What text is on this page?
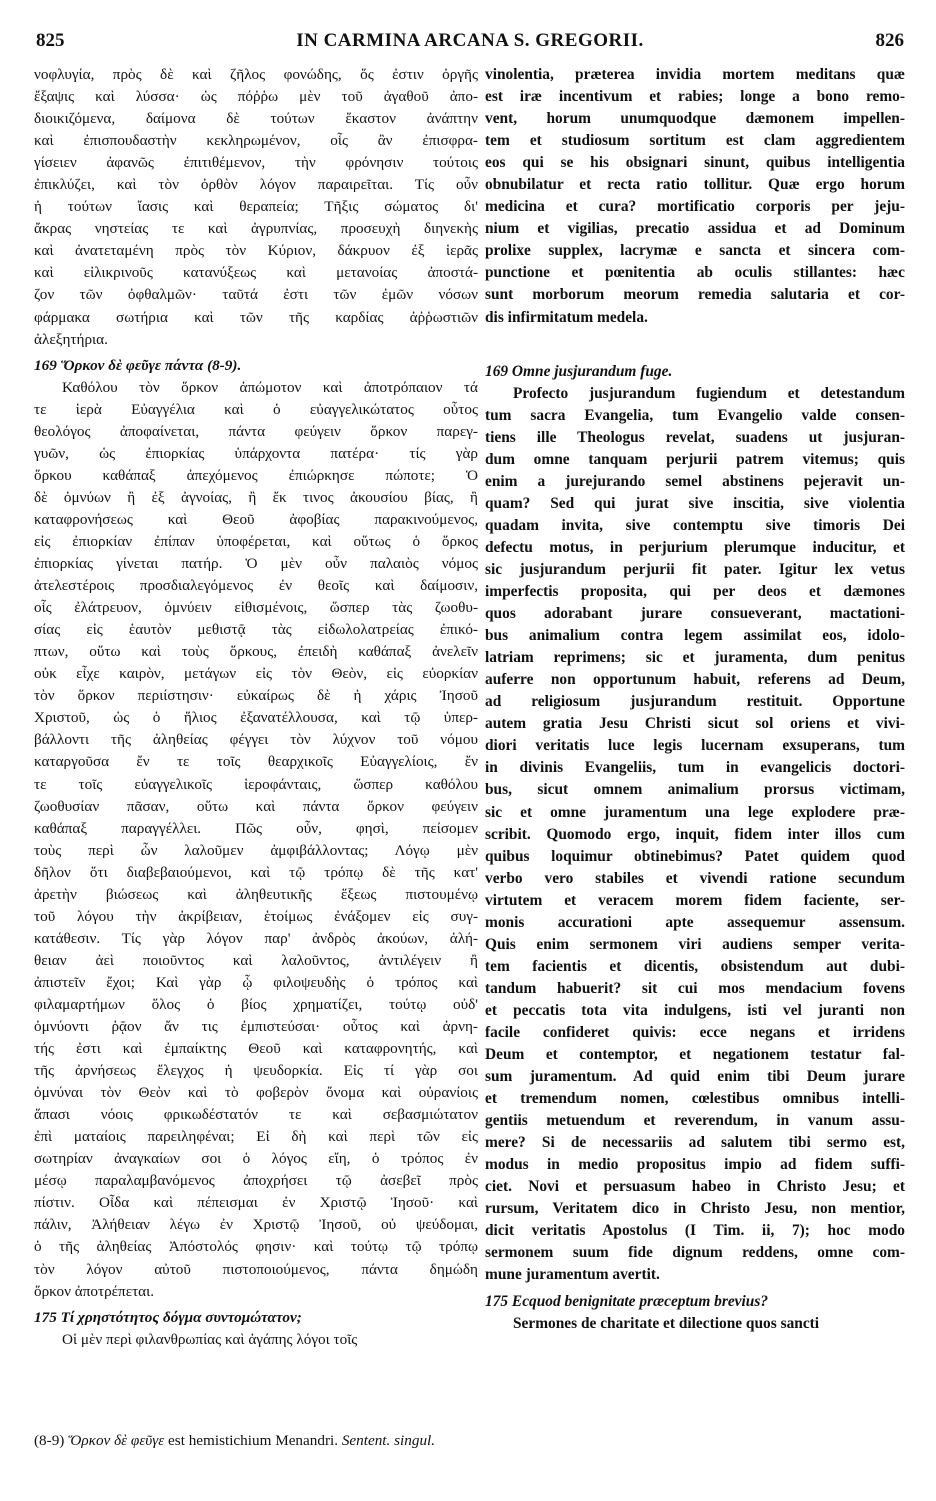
825	IN CARMINA ARCANA S. GREGORII.	826
νοφλυγία, πρὸς δὲ καὶ ζῆλος φονώδης, ὅς ἐστιν ὀργῆς
ἔξαψις καὶ λύσσα· ὡς πόῤῥω μὲν τοῦ ἀγαθοῦ ἀπο-
διοικιζόμενα, δαίμονα δὲ τούτων ἕκαστον ἀνάπτην
καὶ ἐπισπουδαστὴν κεκληρωμένον, οἷς ἂν ἐπισφρα-
γίσειεν ἀφανῶς ἐπιτιθέμενον, τὴν φρόνησιν τούτοις
ἐπικλύζει, καὶ τὸν ὀρθὸν λόγον παραιρεῖται. Τίς οὖν
ἡ τούτων ἴασις καὶ θεραπεία; Τῆξις σώματος δι'
ἄκρας νηστείας τε καὶ ἀγρυπνίας, προσευχὴ διηνεκὴς
καὶ ἀνατεταμένη πρὸς τὸν Κύριον, δάκρυον ἐξ ἱερᾶς
καὶ εἰλικρινοῦς κατανύξεως καὶ μετανοίας ἀποστά-
ζον τῶν ὀφθαλμῶν· ταῦτά ἐστι τῶν ἐμῶν νόσων
φάρμακα σωτήρια καὶ τῶν τῆς καρδίας ἀῤῥωστιῶν
ἀλεξητήρια.
169 Ὅρκον δὲ φεῦγε πάντα (8-9).
Καθόλου τὸν ὅρκον ἀπώμοτον καὶ ἀποτρόπαιον τά
τε ἱερὰ Εὐαγγέλια καὶ ὁ εὐαγγελικώτατος οὗτος
θεολόγος ἀποφαίνεται, πάντα φεύγειν ὅρκον παρεγ-
γυῶν, ὡς ἐπιορκίας ὑπάρχοντα πατέρα· τίς γὰρ
ὅρκου καθάπαξ ἀπεχόμενος ἐπιώρκησε πώποτε; Ὁ
δὲ ὀμνύων ἢ ἐξ ἀγνοίας, ἢ ἔκ τινος ἀκουσίου βίας, ἢ
καταφρονήσεως καὶ Θεοῦ ἀφοβίας παρακινούμενος,
εἰς ἐπιορκίαν ἐπίπαν ὑποφέρεται, καὶ οὕτως ὁ ὅρκος
ἐπιορκίας γίνεται πατήρ. Ὁ μὲν οὖν παλαιὸς νόμος
ἀτελεστέροις προσδιαλεγόμενος ἐν θεοῖς καὶ δαίμοσιν,
οἷς ἐλάτρευον, ὀμνύειν εἰθισμένοις, ὥσπερ τὰς ζωοθυ-
σίας εἰς ἑαυτὸν μεθιστᾷ τὰς εἰδωλολατρείας ἐπικό-
πτων, οὕτω καὶ τοὺς ὅρκους, ἐπειδὴ καθάπαξ ἀνελεῖν
οὐκ εἶχε καιρὸν, μετάγων εἰς τὸν Θεὸν, εἰς εὐορκίαν
τὸν ὅρκον περιίστησιν· εὐκαίρως δὲ ἡ χάρις Ἰησοῦ
Χριστοῦ, ὡς ὁ ἥλιος ἐξανατέλλουσα, καὶ τῷ ὑπερ-
βάλλοντι τῆς ἀληθείας φέγγει τὸν λύχνον τοῦ νόμου
καταργοῦσα ἔν τε τοῖς θεαρχικοῖς Εὐαγγελίοις, ἔν
τε τοῖς εὐαγγελικοῖς ἱεροφάνταις, ὥσπερ καθόλου
ζωοθυσίαν πᾶσαν, οὕτω καὶ πάντα ὅρκον φεύγειν
καθάπαξ παραγγέλλει. Πῶς οὖν, φησὶ, πείσομεν
τοὺς περὶ ὧν λαλοῦμεν ἀμφιβάλλοντας; Λόγῳ μὲν
δῆλον ὅτι διαβεβαιούμενοι, καὶ τῷ τρόπῳ δὲ τῆς κατ'
ἀρετὴν βιώσεως καὶ ἀληθευτικῆς ἕξεως πιστουμένῳ
τοῦ λόγου τὴν ἀκρίβειαν, ἑτοίμως ἐνάξομεν εἰς συγ-
κατάθεσιν. Τίς γὰρ λόγον παρ' ἀνδρὸς ἀκούων, ἀλή-
θειαν ἀεὶ ποιοῦντος καὶ λαλοῦντος, ἀντιλέγειν ἢ
ἀπιστεῖν ἔχοι; Καὶ γὰρ ᾧ φιλοψευδὴς ὁ τρόπος καὶ
φιλαμαρτήμων ὅλος ὁ βίος χρηματίζει, τούτῳ οὐδ'
ὀμνύοντι ῥᾷον ἄν τις ἐμπιστεύσαι· οὗτος καὶ ἀρνη-
τής ἐστι καὶ ἐμπαίκτης Θεοῦ καὶ καταφρονητής, καὶ
τῆς ἀρνήσεως ἔλεγχος ἡ ψευδορκία. Εἰς τί γὰρ σοι
ὀμνύναι τὸν Θεὸν καὶ τὸ φοβερὸν ὄνομα καὶ οὐρανίοις
ἅπασι νόοις φρικωδέστατόν τε καὶ σεβασμιώτατον
ἐπὶ ματαίοις παρειληφέναι; Εἰ δὴ καὶ περὶ τῶν εἰς
σωτηρίαν ἀναγκαίων σοι ὁ λόγος εἴη, ὁ τρόπος ἐν
μέσῳ παραλαμβανόμενος ἀποχρήσει τῷ ἀσεβεῖ πρὸς
πίστιν. Οἶδα καὶ πέπεισμαι ἐν Χριστῷ Ἰησοῦ· καὶ
πάλιν, Ἀλήθειαν λέγω ἐν Χριστῷ Ἰησοῦ, οὐ ψεύδομαι,
ὁ τῆς ἀληθείας Ἀπόστολός φησιν· καὶ τούτῳ τῷ τρόπῳ
τὸν λόγον αὐτοῦ πιστοποιούμενος, πάντα δημώδη
ὅρκον ἀποτρέπεται.
175 Τί χρηστότητος δόγμα συντομώτατον;
Οἱ μὲν περὶ φιλανθρωπίας καὶ ἀγάπης λόγοι τοῖς
vinolentia, præterea invidia mortem meditans quæ
est iræ incentivum et rabies; longe a bono remo-
vent, horum unumquodque dæmonem impellen-
tem et studiosum sortitum est clam aggredientem
eos qui se his obsignari sinunt, quibus intelligentia
obnubilatur et recta ratio tollitur. Quæ ergo horum
medicina et cura? mortificatio corporis per jeju-
nium et vigilias, precatio assidua et ad Dominum
prolixe supplex, lacrymæ e sancta et sincera com-
punctione et pœnitentia ab oculis stillantes: hæc
sunt morborum meorum remedia salutaria et cor-
dis infirmitatum medela.
169 Omne jusjurandum fuge.
Profecto jusjurandum fugiendum et detestandum
tum sacra Evangelia, tum Evangelio valde consen-
tiens ille Theologus revelat, suadens ut jusjuran-
dum omne tanquam perjurii patrem vitemus; quis
enim a jurejurando semel abstinens pejeravit un-
quam? Sed qui jurat sive inscitia, sive violentia
quadam invita, sive contemptu sive timoris Dei
defectu motus, in perjurium plerumque inducitur, et
sic jusjurandum perjurii fit pater. Igitur lex vetus
imperfectis proposita, qui per deos et dæmones
quos adorabant jurare consueverant, mactationi-
bus animalium contra legem assimilat eos, idolo-
latriam reprimens; sic et juramenta, dum penitus
auferre non opportunum habuit, referens ad Deum,
ad religiosum jusjurandum restituit. Opportune
autem gratia Jesu Christi sicut sol oriens et vivi-
diori veritatis luce legis lucernam exsuperans, tum
in divinis Evangeliis, tum in evangelicis doctori-
bus, sicut omnem animalium prorsus victimam,
sic et omne juramentum una lege explodere præ-
scribit. Quomodo ergo, inquit, fidem inter illos cum
quibus loquimur obtinebimus? Patet quidem quod
verbo vero stabiles et vivendi ratione secundum
virtutem et veracem morem fidem faciente, ser-
monis accurationi apte assequemur assensum.
Quis enim sermonem viri audiens semper verita-
tem facientis et dicentis, obsistendum aut dubi-
tandum habuerit? sit cui mos mendacium fovens
et peccatis tota vita indulgens, isti vel juranti non
facile confideret quivis: ecce negans et irridens
Deum et contemptor, et negationem testatur fal-
sum juramentum. Ad quid enim tibi Deum jurare
et tremendum nomen, cœlestibus omnibus intelli-
gentiis metuendum et reverendum, in vanum assu-
mere? Si de necessariis ad salutem tibi sermo est,
modus in medio propositus impio ad fidem suffi-
ciet. Novi et persuasum habeo in Christo Jesu; et
rursum, Veritatem dico in Christo Jesu, non mentior,
dicit veritatis Apostolus (I Tim. ii, 7); hoc modo
sermonem suum fide dignum reddens, omne com-
mune juramentum avertit.
175 Ecquod benignitate præceptum brevius?
Sermones de charitate et dilectione quos sancti
(8-9) Ὅρκον δὲ φεῦγε est hemistichium Menandri. Sentent. singul.
